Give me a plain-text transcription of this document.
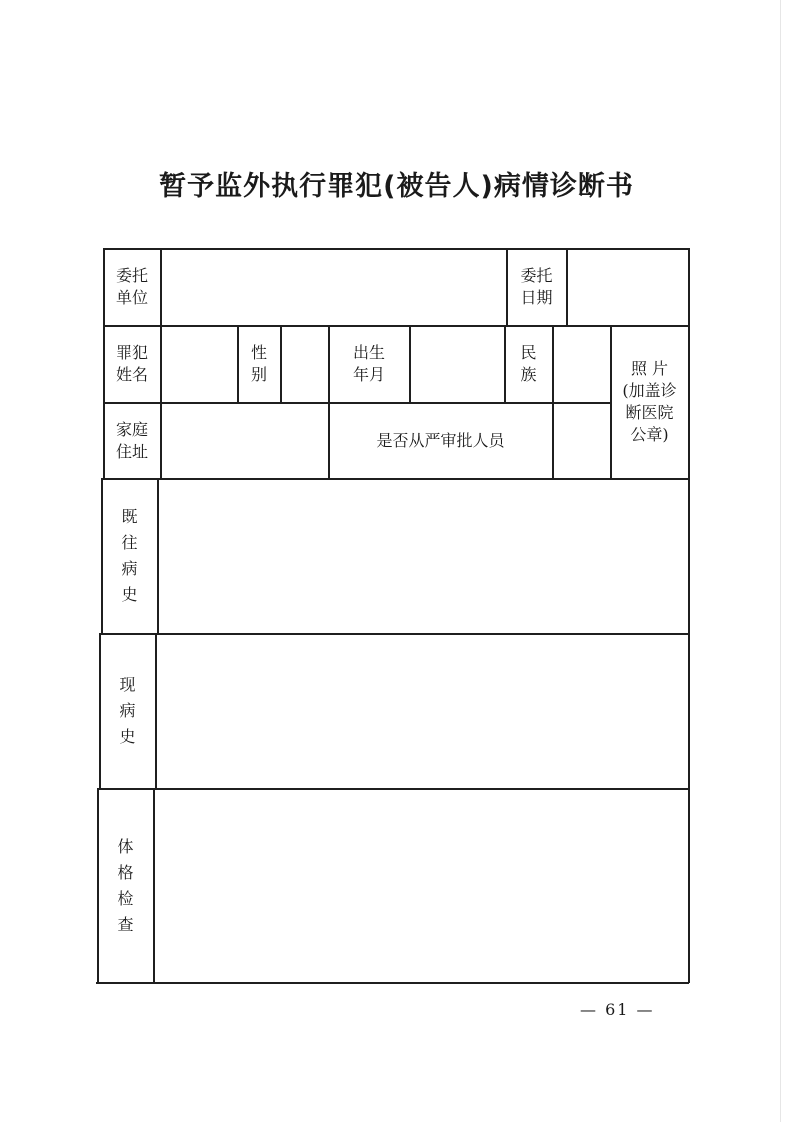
暂予监外执行罪犯(被告人)病情诊断书
委托
单位
委托
日期
罪犯
姓名
性
别
出生
年月
民
族	照 片
(加盖诊
断医院
公章)
家庭
住址
是否从严审批人员
既
往
病
史
现
病
史
体
格
检
查
— 61 —
